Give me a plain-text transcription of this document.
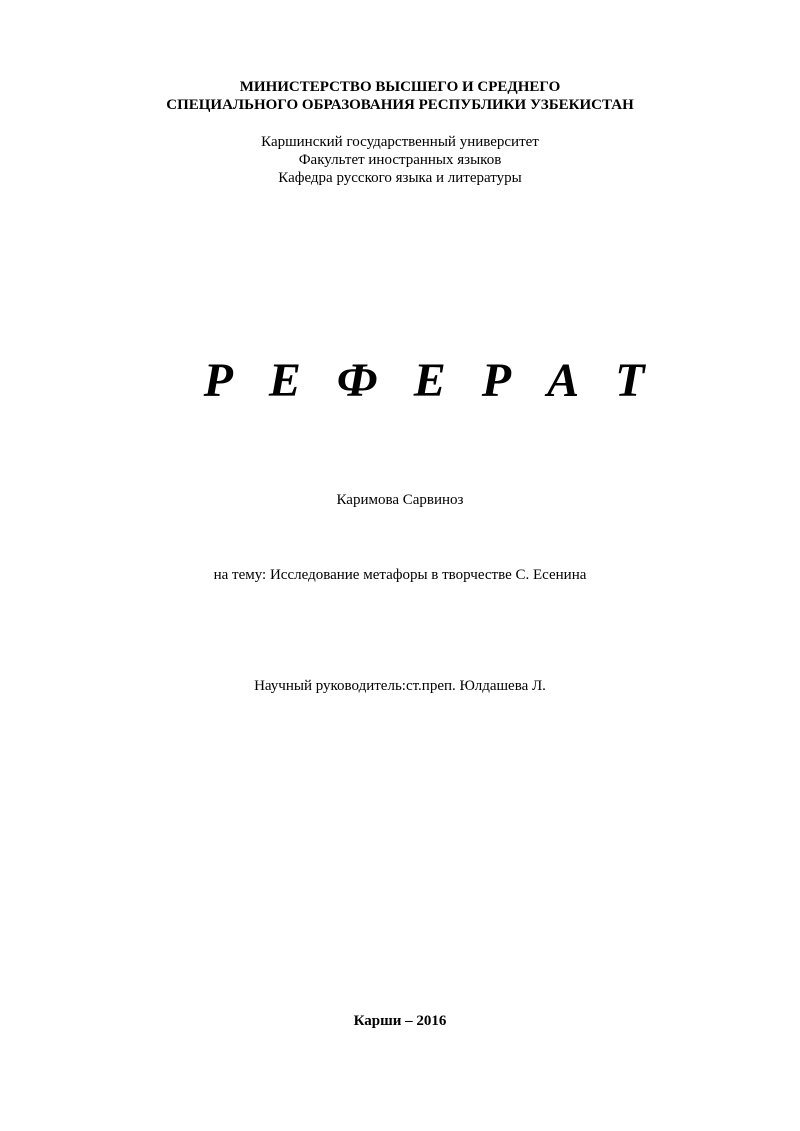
МИНИСТЕРСТВО ВЫСШЕГО И СРЕДНЕГО
СПЕЦИАЛЬНОГО ОБРАЗОВАНИЯ РЕСПУБЛИКИ УЗБЕКИСТАН
Каршинский государственный университет
Факультет иностранных языков
Кафедра русского языка и литературы
Р Е Ф Е Р А Т
Каримова Сарвиноз
на тему: Исследование метафоры в творчестве С. Есенина
Научный руководитель:ст.преп. Юлдашева Л.
Карши – 2016
